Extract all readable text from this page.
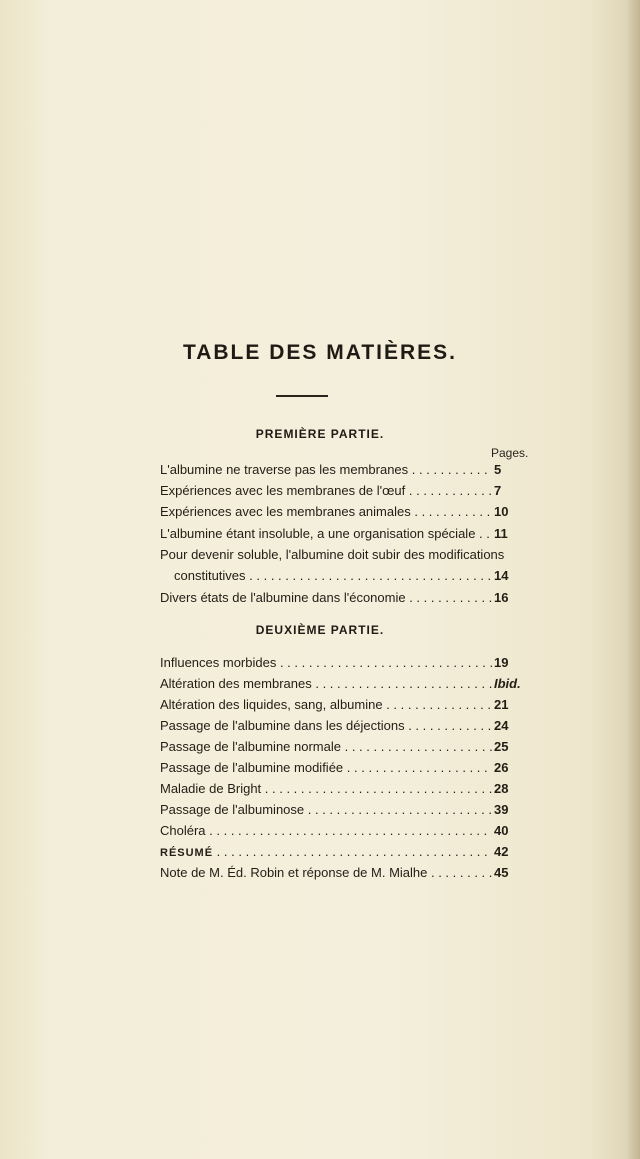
TABLE DES MATIÈRES.
PREMIÈRE PARTIE.
Pages.
L'albumine ne traverse pas les membranes . . .	5
Expériences avec les membranes de l'œuf . . .	7
Expériences avec les membranes animales . . .	10
L'albumine étant insoluble, a une organisation spéciale . . .	11
Pour devenir soluble, l'albumine doit subir des modifications
constitutives . . .	14
Divers états de l'albumine dans l'économie . . .	16
DEUXIÈME PARTIE.
Influences morbides . . .	19
Altération des membranes . . .	Ibid.
Altération des liquides, sang, albumine . . .	21
Passage de l'albumine dans les déjections . . .	24
Passage de l'albumine normale . . .	25
Passage de l'albumine modifiée . . .	26
Maladie de Bright . . .	28
Passage de l'albuminose . . .	39
Choléra . . .	40
RÉSUMÉ . . .	42
Note de M. Éd. Robin et réponse de M. Mialhe . . .	45
